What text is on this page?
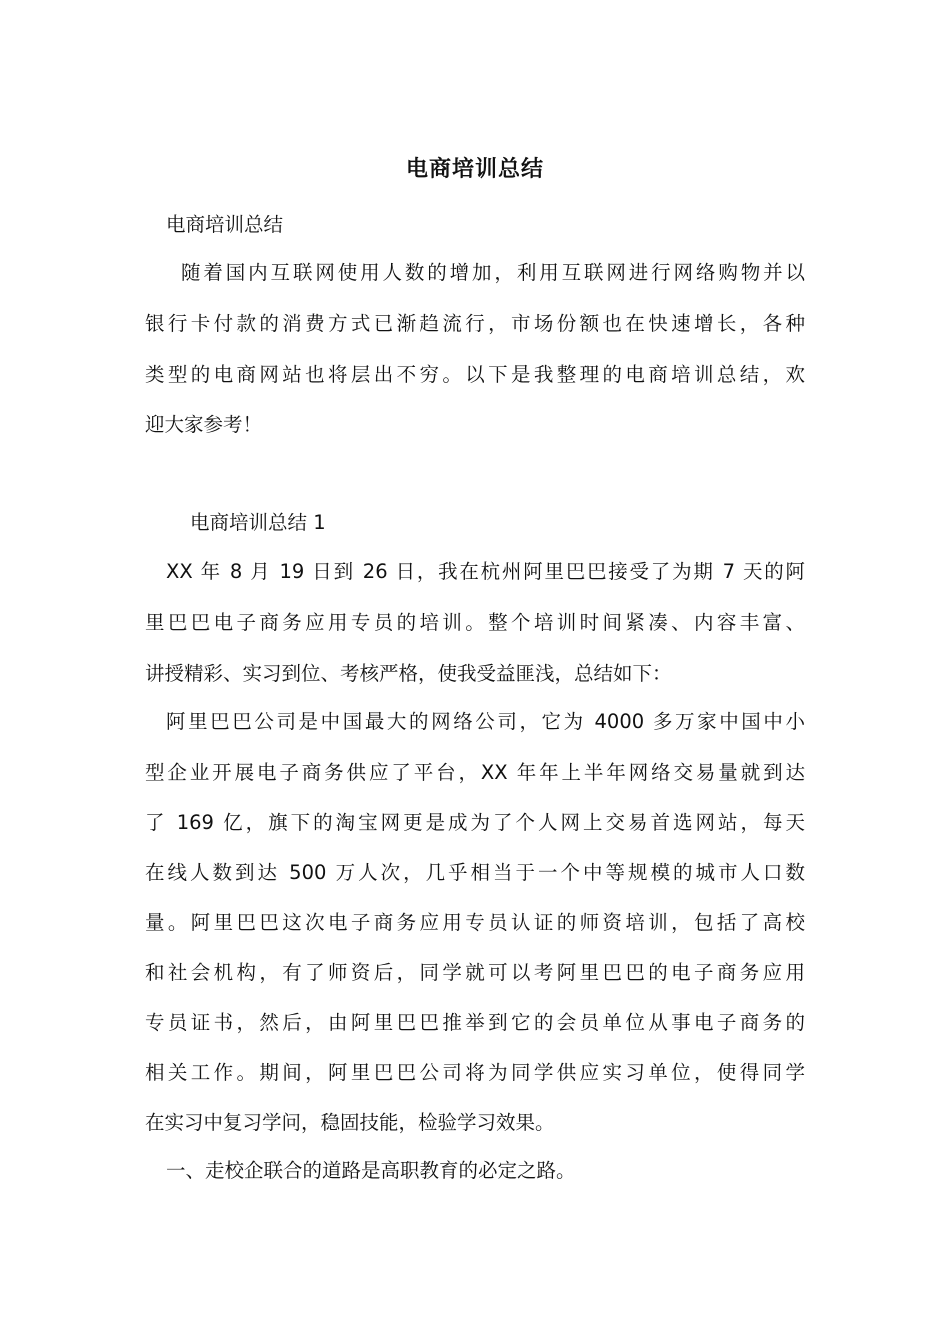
电商培训总结
电商培训总结
随着国内互联网使用人数的增加，利用互联网进行网络购物并以
银行卡付款的消费方式已渐趋流行，市场份额也在快速增长，各种
类型的电商网站也将层出不穷。以下是我整理的电商培训总结，欢
迎大家参考！
电商培训总结 1
XX 年 8 月 19 日到 26 日，我在杭州阿里巴巴接受了为期 7 天的阿
里巴巴电子商务应用专员的培训。整个培训时间紧凑、内容丰富、
讲授精彩、实习到位、考核严格，使我受益匪浅，总结如下：
阿里巴巴公司是中国最大的网络公司，它为 4000 多万家中国中小
型企业开展电子商务供应了平台，XX 年年上半年网络交易量就到达
了 169 亿，旗下的淘宝网更是成为了个人网上交易首选网站，每天
在线人数到达 500 万人次，几乎相当于一个中等规模的城市人口数
量。阿里巴巴这次电子商务应用专员认证的师资培训，包括了高校
和社会机构，有了师资后，同学就可以考阿里巴巴的电子商务应用
专员证书，然后，由阿里巴巴推举到它的会员单位从事电子商务的
相关工作。期间，阿里巴巴公司将为同学供应实习单位，使得同学
在实习中复习学问，稳固技能，检验学习效果。
一、走校企联合的道路是高职教育的必定之路。
